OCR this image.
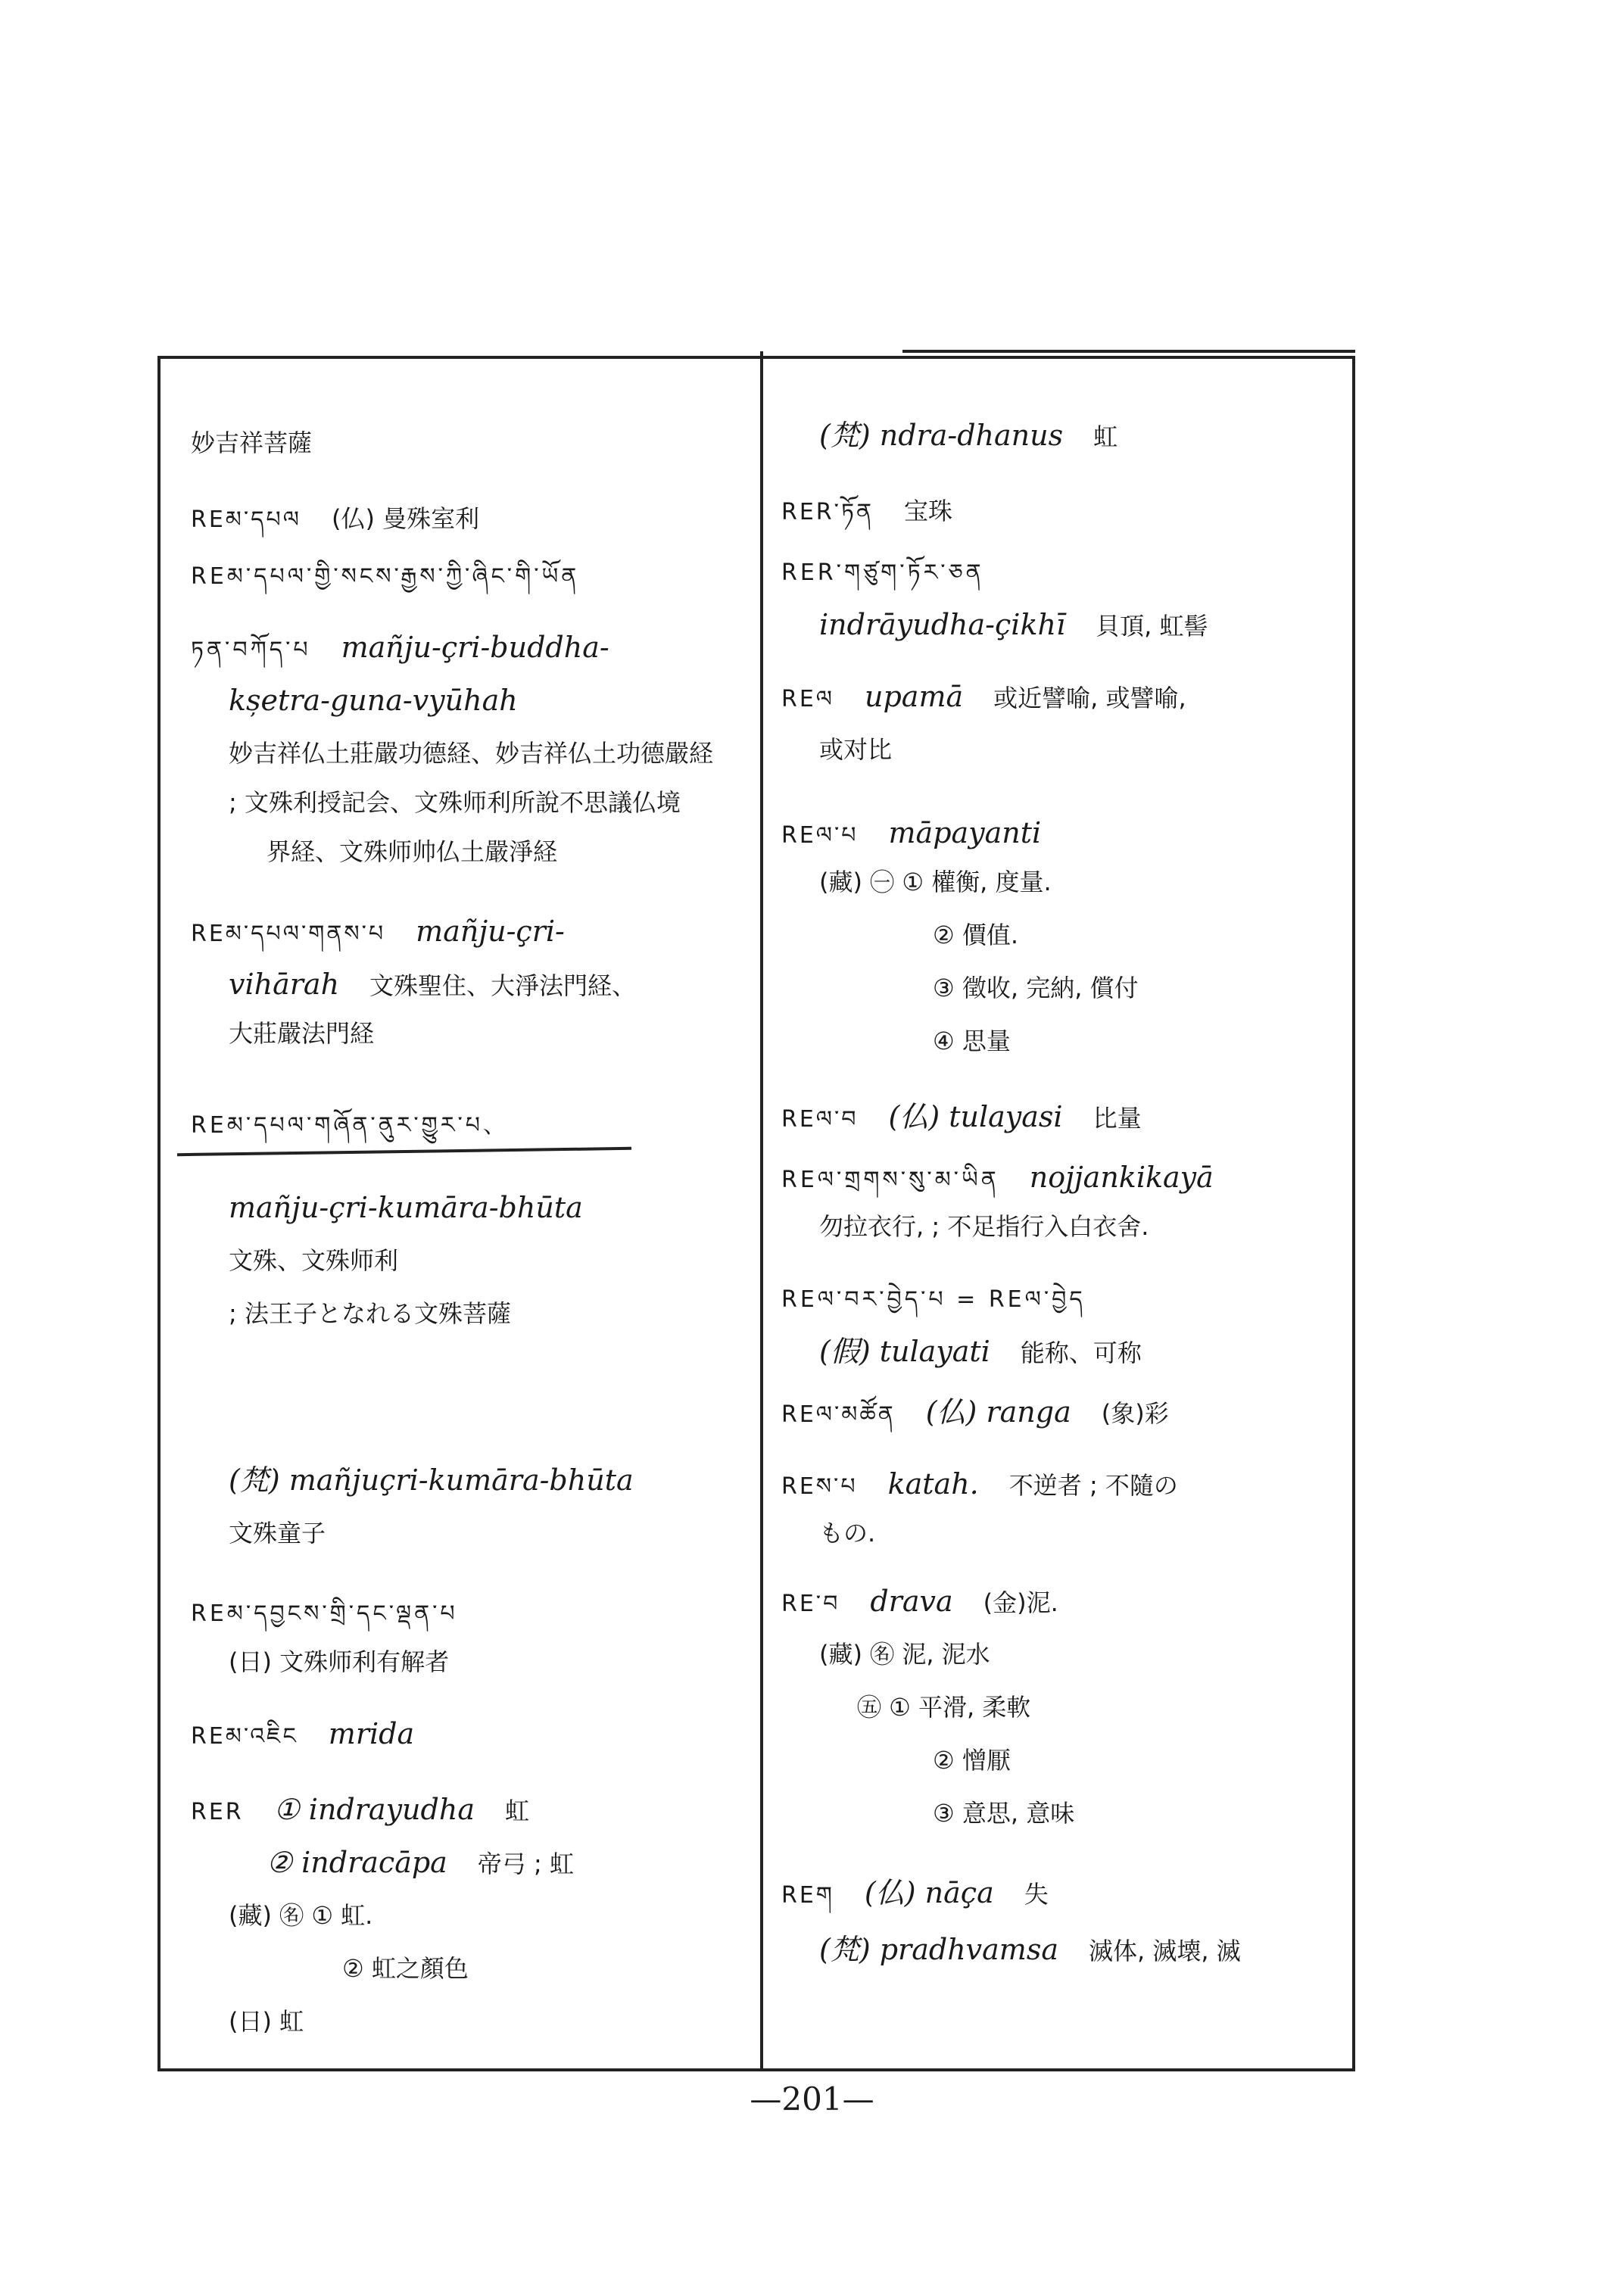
妙吉祥菩薩
REམ་དཔལ (仏) 曼殊室利
REམ་དཔལ་གྱི་སངས་རྒྱས་ཀྱི་ཞིང་གི་ཡོན
ཏན་བཀོད་པ mañju-çri-buddha-
kșetra-guna-vyūhah
妙吉祥仏土莊嚴功德経、妙吉祥仏土功德嚴経
; 文殊利授記会、文殊师利所說不思議仏境
界経、文殊师帅仏土嚴淨経
REམ་དཔལ་གནས་པ mañju-çri-
vihārah 文殊聖住、大淨法門経、
大莊嚴法門経
REམ་དཔལ་གཞོན་ནུར་གྱུར་པ、
mañju-çri-kumāra-bhūta
文殊、文殊师利
; 法王子となれる文殊菩薩
(梵) mañjuçri-kumāra-bhūta
文殊童子
REམ་དབྱངས་གྲི་དང་ལྡན་པ
(日) 文殊师利有解者
REམ་འཇིང mrida
RER ① indrayudha 虹
② indracāpa 帝弓 ; 虹
(藏) ㊔ ① 虹.
② 虹之顏色
(日) 虹
(梵) ndra-dhanus 虹
RER་ཏོན 宝珠
RER་གཙུག་ཏོར་ཅན
indrāyudha-çikhī 貝頂, 虹髻
REལ upamā 或近譬喻, 或譬喻,
或对比
REལ་པ māpayanti
(藏) ㊀ ① 權衡, 度量.
② 價值.
③ 徵收, 完納, 償付
④ 思量
REལ་བ (仏) tulayasi 比量
REལ་གྲགས་སུ་མ་ཡིན nojjankikayā
勿拉衣行, ; 不足指行入白衣舍.
REལ་བར་བྱེད་པ = REལ་བྱེད
(假) tulayati 能称、可称
REལ་མཚོན (仏) ranga (象)彩
REས་པ katah. 不逆者 ; 不隨の
もの.
RE་བ drava (金)泥.
(藏) ㊔ 泥, 泥水
㊄ ① 平滑, 柔軟
② 憎厭
③ 意思, 意味
REག (仏) nāça 失
(梵) pradhvamsa 滅体, 滅壊, 滅
—201—
